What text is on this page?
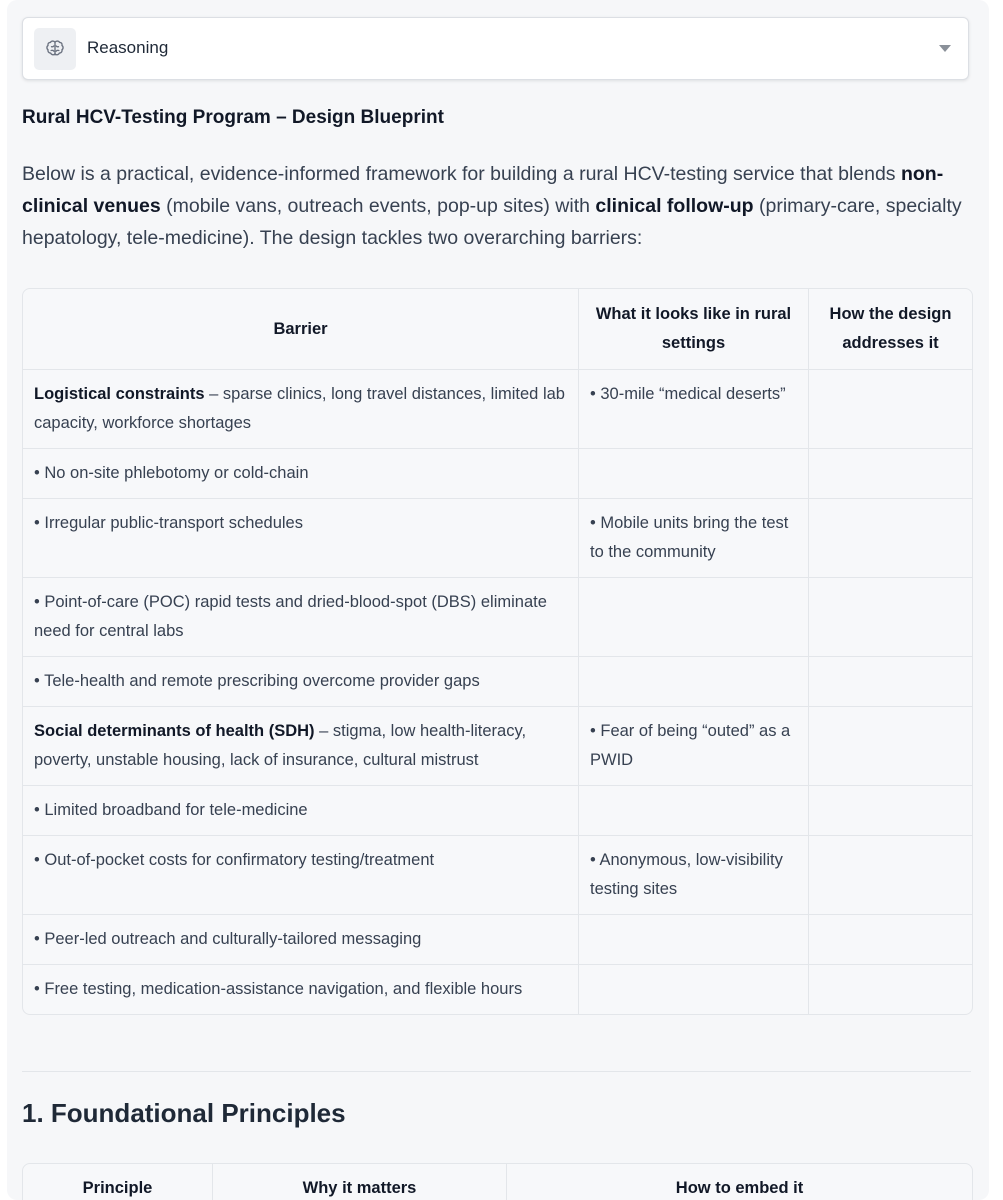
Reasoning
Rural HCV-Testing Program – Design Blueprint
Below is a practical, evidence-informed framework for building a rural HCV-testing service that blends non-clinical venues (mobile vans, outreach events, pop-up sites) with clinical follow-up (primary-care, specialty hepatology, tele-medicine). The design tackles two overarching barriers:
Barrier	What it looks like in rural settings	How the design addresses it
Logistical constraints – sparse clinics, long travel distances, limited lab capacity, workforce shortages	• 30-mile “medical deserts”	
• No on-site phlebotomy or cold-chain		
• Irregular public-transport schedules	• Mobile units bring the test to the community	
• Point-of-care (POC) rapid tests and dried-blood-spot (DBS) eliminate need for central labs		
• Tele-health and remote prescribing overcome provider gaps		
Social determinants of health (SDH) – stigma, low health-literacy, poverty, unstable housing, lack of insurance, cultural mistrust	• Fear of being “outed” as a PWID	
• Limited broadband for tele-medicine		
• Out-of-pocket costs for confirmatory testing/treatment	• Anonymous, low-visibility testing sites	
• Peer-led outreach and culturally-tailored messaging		
• Free testing, medication-assistance navigation, and flexible hours		
1. Foundational Principles
Principle	Why it matters	How to embed it
